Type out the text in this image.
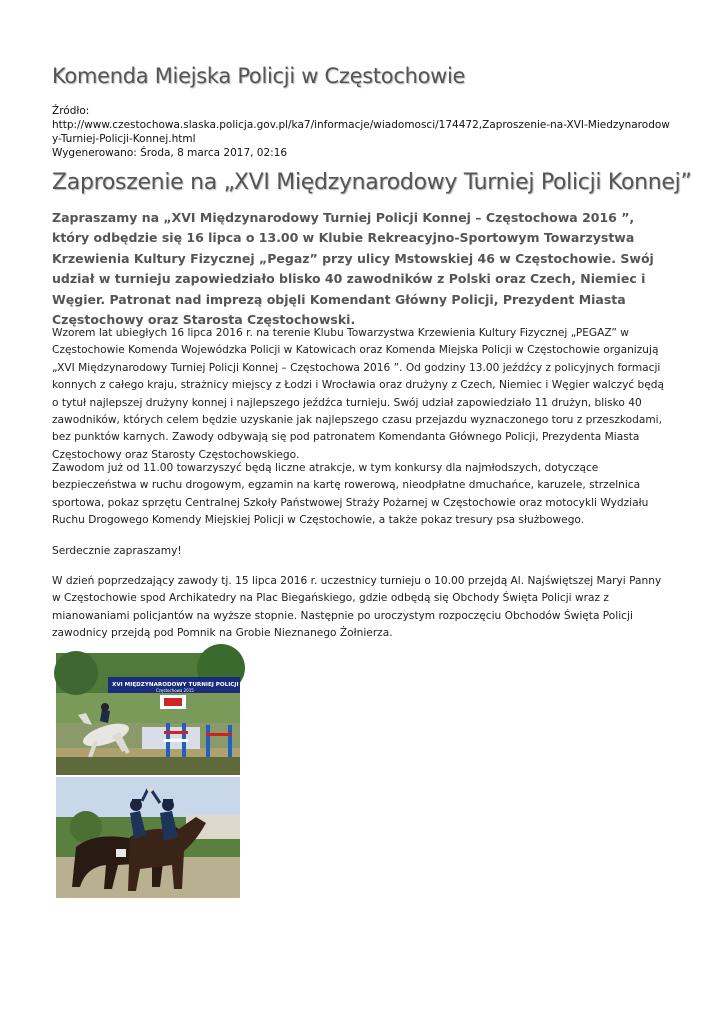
Komenda Miejska Policji w Częstochowie
Źródło:
http://www.czestochowa.slaska.policja.gov.pl/ka7/informacje/wiadomosci/174472,Zaproszenie-na-XVI-Miedzynarodowy-Turniej-Policji-Konnej.html
Wygenerowano: Środa, 8 marca 2017, 02:16
Zaproszenie na „XVI Międzynarodowy Turniej Policji Konnej”
Zapraszamy na „XVI Międzynarodowy Turniej Policji Konnej – Częstochowa 2016 ”, który odbędzie się 16 lipca o 13.00 w Klubie Rekreacyjno-Sportowym Towarzystwa Krzewienia Kultury Fizycznej „Pegaz” przy ulicy Mstowskiej 46 w Częstochowie. Swój udział w turnieju zapowiedziało blisko 40 zawodników z Polski oraz Czech, Niemiec i Węgier. Patronat nad imprezą objęli Komendant Główny Policji, Prezydent Miasta Częstochowy oraz Starosta Częstochowski.

Wzorem lat ubiegłych 16 lipca 2016 r. na terenie Klubu Towarzystwa Krzewienia Kultury Fizycznej „PEGAZ” w Częstochowie Komenda Wojewódzka Policji w Katowicach oraz Komenda Miejska Policji w Częstochowie organizują „XVI Międzynarodowy Turniej Policji Konnej – Częstochowa 2016 ”. Od godziny 13.00 jeźdźcy z policyjnych formacji konnych z całego kraju, strażnicy miejscy z Łodzi i Wrocławia oraz drużyny z Czech, Niemiec i Węgier walczyć będą o tytuł najlepszej drużyny konnej i najlepszego jeźdźca turnieju. Swój udział zapowiedziało 11 drużyn, blisko 40 zawodników, których celem będzie uzyskanie jak najlepszego czasu przejazdu wyznaczonego toru z przeszkodami, bez punktów karnych. Zawody odbywają się pod patronatem Komendanta Głównego Policji, Prezydenta Miasta Częstochowy oraz Starosty Częstochowskiego.

Zawodom już od 11.00 towarzyszyć będą liczne atrakcje, w tym konkursy dla najmłodszych, dotyczące bezpieczeństwa w ruchu drogowym, egzamin na kartę rowerową, nieodpłatne dmuchańce, karuzele, strzelnica sportowa, pokaz sprzętu Centralnej Szkoły Państwowej Straży Pożarnej w Częstochowie oraz motocykli Wydziału Ruchu Drogowego Komendy Miejskiej Policji w Częstochowie, a także pokaz tresury psa służbowego.

Serdecznie zapraszamy!

W dzień poprzedzający zawody tj. 15 lipca 2016 r. uczestnicy turnieju o 10.00 przejdą Al. Najświętszej Maryi Panny w Częstochowie spod Archikatedry na Plac Biegańskiego, gdzie odbędą się Obchody Święta Policji wraz z mianowaniami policjantów na wyższe stopnie. Następnie po uroczystym rozpoczęciu Obchodów Święta Policji zawodnicy przejdą pod Pomnik na Grobie Nieznanego Żołnierza.

XVI MIĘDZYNARODOWY TURNIEJ POLICJI KONNEJ
Częstochowa 2015
